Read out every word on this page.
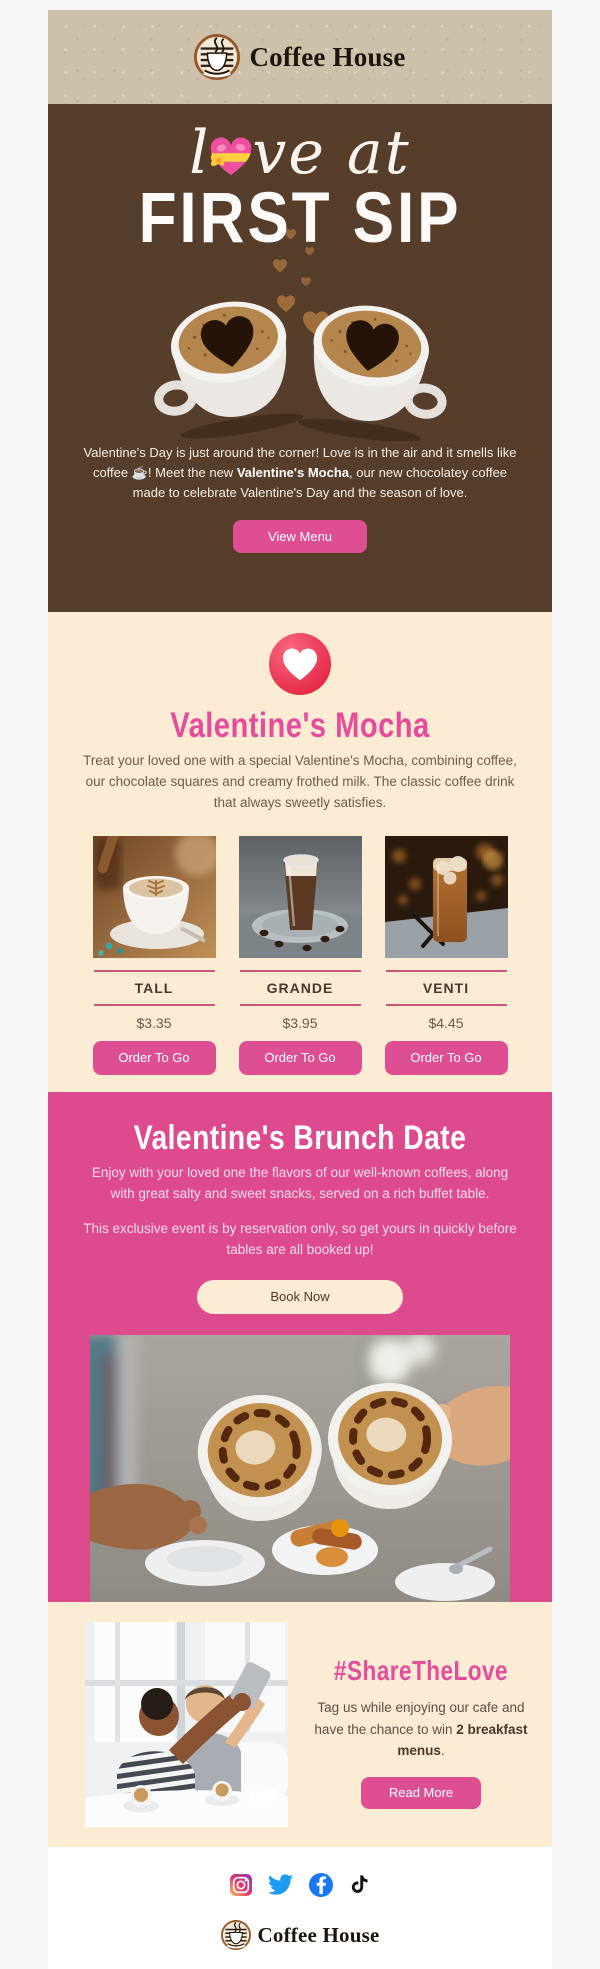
Coffee House
l ve at
FIRST SIP

Valentine's Day is just around the corner! Love is in the air and it smells like coffee ☕! Meet the new Valentine's Mocha, our new chocolatey coffee made to celebrate Valentine's Day and the season of love.

View Menu
Valentine's Mocha

Treat your loved one with a special Valentine's Mocha, combining coffee, our chocolate squares and creamy frothed milk. The classic coffee drink that always sweetly satisfies.

TALL
$3.35
Order To Go
GRANDE
$3.95
Order To Go
VENTI
$4.45
Order To Go
Valentine's Brunch Date

Enjoy with your loved one the flavors of our well-known coffees, along with great salty and sweet snacks, served on a rich buffet table.

This exclusive event is by reservation only, so get yours in quickly before tables are all booked up!

Book Now
#ShareTheLove

Tag us while enjoying our cafe and have the chance to win 2 breakfast menus.

Read More
Coffee House
